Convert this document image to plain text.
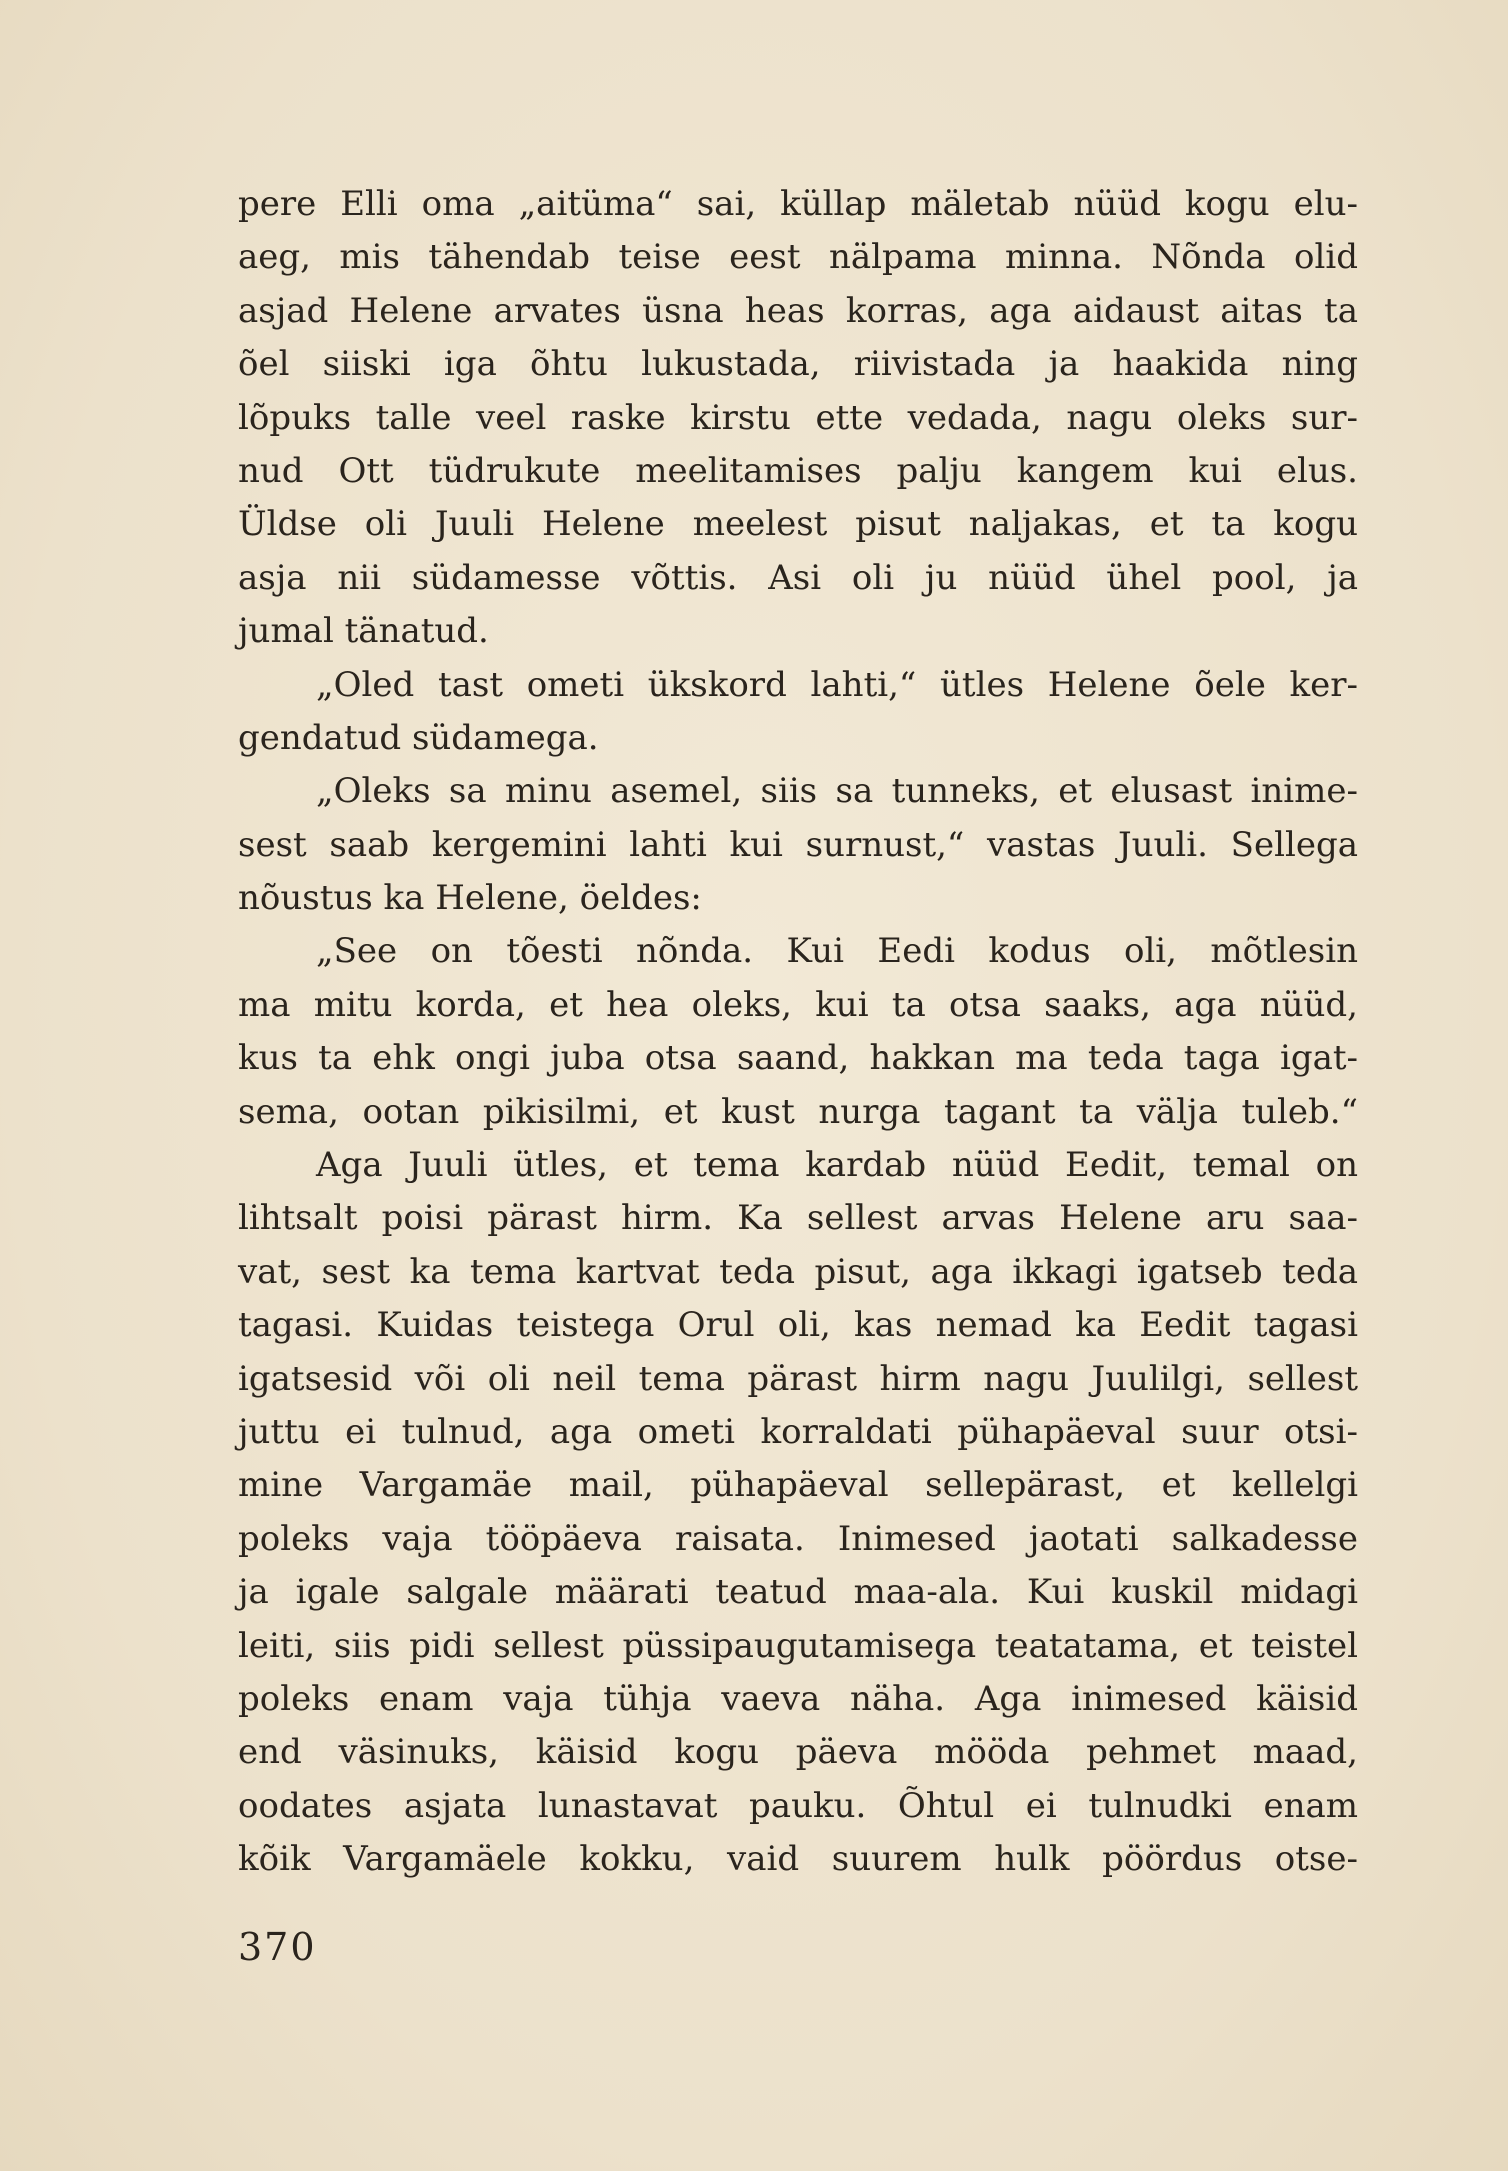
pere Elli oma „aitüma“ sai, küllap mäletab nüüd kogu elu-
aeg, mis tähendab teise eest nälpama minna. Nõnda olid
asjad Helene arvates üsna heas korras, aga aidaust aitas ta
õel siiski iga õhtu lukustada, riivistada ja haakida ning
lõpuks talle veel raske kirstu ette vedada, nagu oleks sur-
nud Ott tüdrukute meelitamises palju kangem kui elus.
Üldse oli Juuli Helene meelest pisut naljakas, et ta kogu
asja nii südamesse võttis. Asi oli ju nüüd ühel pool, ja
jumal tänatud.
„Oled tast ometi ükskord lahti,“ ütles Helene õele ker-
gendatud südamega.
„Oleks sa minu asemel, siis sa tunneks, et elusast inime-
sest saab kergemini lahti kui surnust,“ vastas Juuli. Sellega
nõustus ka Helene, öeldes:
„See on tõesti nõnda. Kui Eedi kodus oli, mõtlesin
ma mitu korda, et hea oleks, kui ta otsa saaks, aga nüüd,
kus ta ehk ongi juba otsa saand, hakkan ma teda taga igat-
sema, ootan pikisilmi, et kust nurga tagant ta välja tuleb.“
Aga Juuli ütles, et tema kardab nüüd Eedit, temal on
lihtsalt poisi pärast hirm. Ka sellest arvas Helene aru saa-
vat, sest ka tema kartvat teda pisut, aga ikkagi igatseb teda
tagasi. Kuidas teistega Orul oli, kas nemad ka Eedit tagasi
igatsesid või oli neil tema pärast hirm nagu Juulilgi, sellest
juttu ei tulnud, aga ometi korraldati pühapäeval suur otsi-
mine Vargamäe mail, pühapäeval sellepärast, et kellelgi
poleks vaja tööpäeva raisata. Inimesed jaotati salkadesse
ja igale salgale määrati teatud maa-ala. Kui kuskil midagi
leiti, siis pidi sellest püssipaugutamisega teatatama, et teistel
poleks enam vaja tühja vaeva näha. Aga inimesed käisid
end väsinuks, käisid kogu päeva mööda pehmet maad,
oodates asjata lunastavat pauku. Õhtul ei tulnudki enam
kõik Vargamäele kokku, vaid suurem hulk pöördus otse-
370
